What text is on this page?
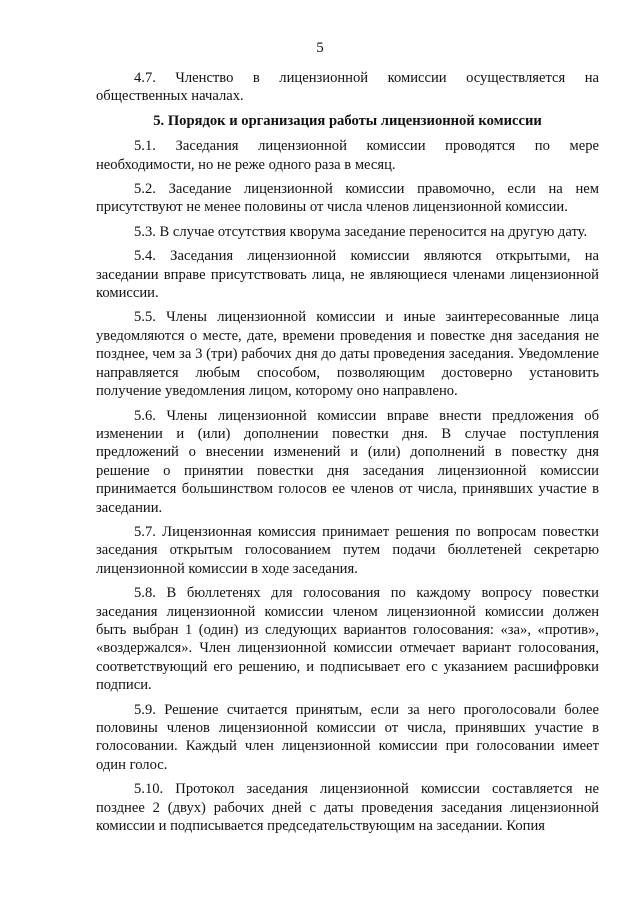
5

4.7. Членство в лицензионной комиссии осуществляется на общественных началах.

5. Порядок и организация работы лицензионной комиссии

5.1. Заседания лицензионной комиссии проводятся по мере необходимости, но не реже одного раза в месяц.

5.2. Заседание лицензионной комиссии правомочно, если на нем присутствуют не менее половины от числа членов лицензионной комиссии.

5.3. В случае отсутствия кворума заседание переносится на другую дату.

5.4. Заседания лицензионной комиссии являются открытыми, на заседании вправе присутствовать лица, не являющиеся членами лицензионной комиссии.

5.5. Члены лицензионной комиссии и иные заинтересованные лица уведомляются о месте, дате, времени проведения и повестке дня заседания не позднее, чем за 3 (три) рабочих дня до даты проведения заседания. Уведомление направляется любым способом, позволяющим достоверно установить получение уведомления лицом, которому оно направлено.

5.6. Члены лицензионной комиссии вправе внести предложения об изменении и (или) дополнении повестки дня. В случае поступления предложений о внесении изменений и (или) дополнений в повестку дня решение о принятии повестки дня заседания лицензионной комиссии принимается большинством голосов ее членов от числа, принявших участие в заседании.

5.7. Лицензионная комиссия принимает решения по вопросам повестки заседания открытым голосованием путем подачи бюллетеней секретарю лицензионной комиссии в ходе заседания.

5.8. В бюллетенях для голосования по каждому вопросу повестки заседания лицензионной комиссии членом лицензионной комиссии должен быть выбран 1 (один) из следующих вариантов голосования: «за», «против», «воздержался». Член лицензионной комиссии отмечает вариант голосования, соответствующий его решению, и подписывает его с указанием расшифровки подписи.

5.9. Решение считается принятым, если за него проголосовали более половины членов лицензионной комиссии от числа, принявших участие в голосовании. Каждый член лицензионной комиссии при голосовании имеет один голос.

5.10. Протокол заседания лицензионной комиссии составляется не позднее 2 (двух) рабочих дней с даты проведения заседания лицензионной комиссии и подписывается председательствующим на заседании. Копия
